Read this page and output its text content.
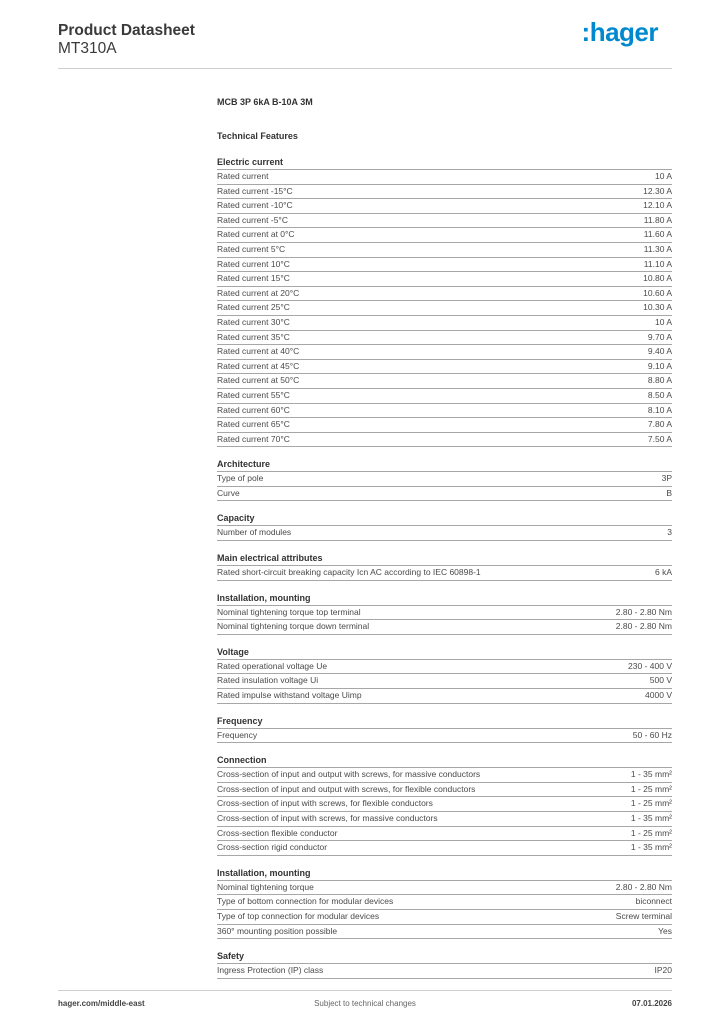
Product Datasheet
MT310A
:hager
MCB 3P 6kA B-10A 3M
Technical Features
Electric current
Rated current	10 A
Rated current -15°C	12.30 A
Rated current -10°C	12.10 A
Rated current -5°C	11.80 A
Rated current at 0°C	11.60 A
Rated current 5°C	11.30 A
Rated current 10°C	11.10 A
Rated current 15°C	10.80 A
Rated current at 20°C	10.60 A
Rated current 25°C	10.30 A
Rated current 30°C	10 A
Rated current 35°C	9.70 A
Rated current at 40°C	9.40 A
Rated current at 45°C	9.10 A
Rated current at 50°C	8.80 A
Rated current 55°C	8.50 A
Rated current 60°C	8.10 A
Rated current 65°C	7.80 A
Rated current 70°C	7.50 A
Architecture
Type of pole	3P
Curve	B
Capacity
Number of modules	3
Main electrical attributes
Rated short-circuit breaking capacity Icn AC according to IEC 60898-1	6 kA
Installation, mounting
Nominal tightening torque top terminal	2.80 - 2.80 Nm
Nominal tightening torque down terminal	2.80 - 2.80 Nm
Voltage
Rated operational voltage Ue	230 - 400 V
Rated insulation voltage Ui	500 V
Rated impulse withstand voltage Uimp	4000 V
Frequency
Frequency	50 - 60 Hz
Connection
Cross-section of input and output with screws, for massive conductors	1 - 35 mm²
Cross-section of input and output with screws, for flexible conductors	1 - 25 mm²
Cross-section of input with screws, for flexible conductors	1 - 25 mm²
Cross-section of input with screws, for massive conductors	1 - 35 mm²
Cross-section flexible conductor	1 - 25 mm²
Cross-section rigid conductor	1 - 35 mm²
Installation, mounting
Nominal tightening torque	2.80 - 2.80 Nm
Type of bottom connection for modular devices	biconnect
Type of top connection for modular devices	Screw terminal
360° mounting position possible	Yes
Safety
Ingress Protection (IP) class	IP20
hager.com/middle-east	Subject to technical changes	07.01.2026
